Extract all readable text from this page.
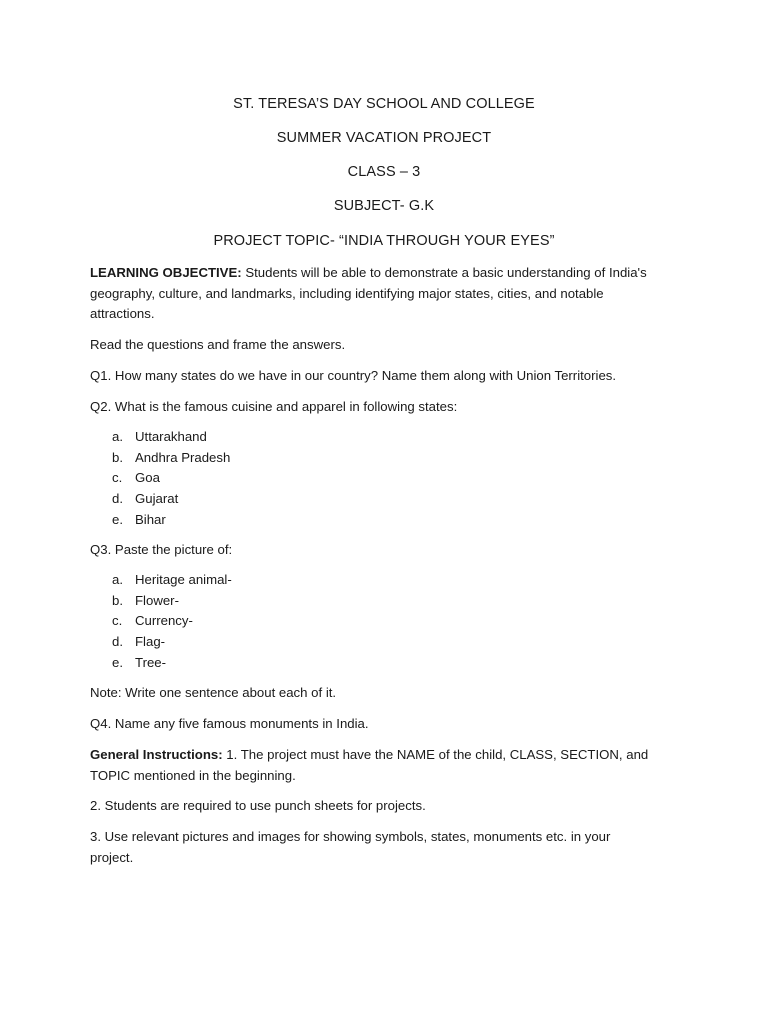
ST. TERESA’S DAY SCHOOL AND COLLEGE
SUMMER VACATION PROJECT
CLASS – 3
SUBJECT- G.K
PROJECT TOPIC- “INDIA THROUGH YOUR EYES”
LEARNING OBJECTIVE: Students will be able to demonstrate a basic understanding of India's
geography, culture, and landmarks, including identifying major states, cities, and notable
attractions.
Read the questions and frame the answers.
Q1. How many states do we have in our country? Name them along with Union Territories.
Q2. What is the famous cuisine and apparel in following states:
a. Uttarakhand
b. Andhra Pradesh
c. Goa
d. Gujarat
e. Bihar
Q3. Paste the picture of:
a. Heritage animal-
b. Flower-
c. Currency-
d. Flag-
e. Tree-
Note: Write one sentence about each of it.
Q4. Name any five famous monuments in India.
General Instructions: 1. The project must have the NAME of the child, CLASS, SECTION, and
TOPIC mentioned in the beginning.
2. Students are required to use punch sheets for projects.
3. Use relevant pictures and images for showing symbols, states, monuments etc. in your
project.
